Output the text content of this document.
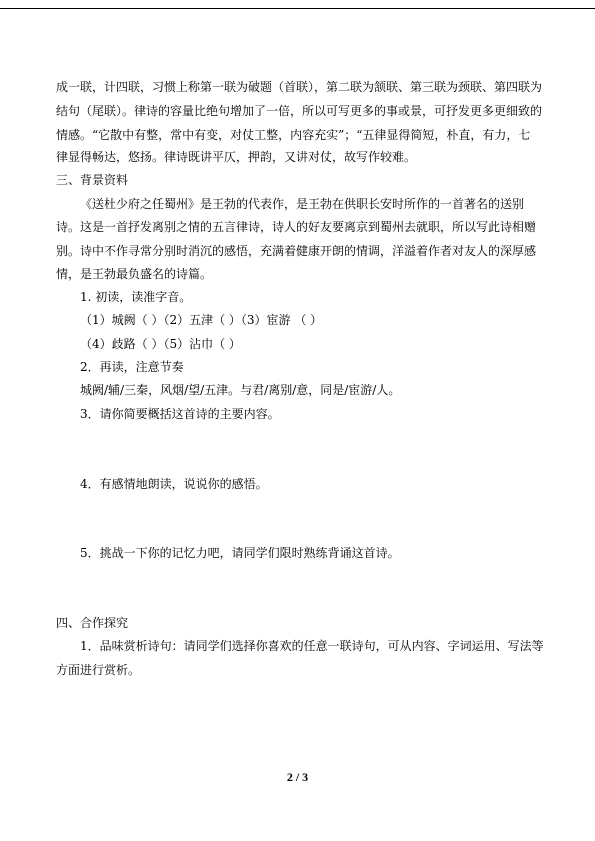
成一联，计四联，习惯上称第一联为破题（首联），第二联为颔联、第三联为颈联、第四联为
结句（尾联）。律诗的容量比绝句增加了一倍，所以可写更多的事或景，可抒发更多更细致的
情感。“它散中有整，常中有变，对仗工整，内容充实”；“五律显得简短，朴直，有力，七
律显得畅达，悠扬。律诗既讲平仄，押韵，又讲对仗，故写作较难。
三、背景资料
《送杜少府之任蜀州》是王勃的代表作，是王勃在供职长安时所作的一首著名的送别
诗。这是一首抒发离别之情的五言律诗，诗人的好友要离京到蜀州去就职，所以写此诗相赠
别。诗中不作寻常分别时消沉的感悟，充满着健康开朗的情调，洋溢着作者对友人的深厚感
情，是王勃最负盛名的诗篇。
1. 初读，读准字音。
（1）城阙（ ）（2）五津（ ）（3）宦游 （ ）
（4）歧路（ ）（5）沾巾（ ）
2．再读，注意节奏
城阙/辅/三秦，风烟/望/五津。与君/离别/意，同是/宦游/人。
3．请你简要概括这首诗的主要内容。
4．有感情地朗读，说说你的感悟。
5．挑战一下你的记忆力吧，请同学们限时熟练背诵这首诗。
四、合作探究
1．品味赏析诗句：请同学们选择你喜欢的任意一联诗句，可从内容、字词运用、写法等
方面进行赏析。
2 / 3
